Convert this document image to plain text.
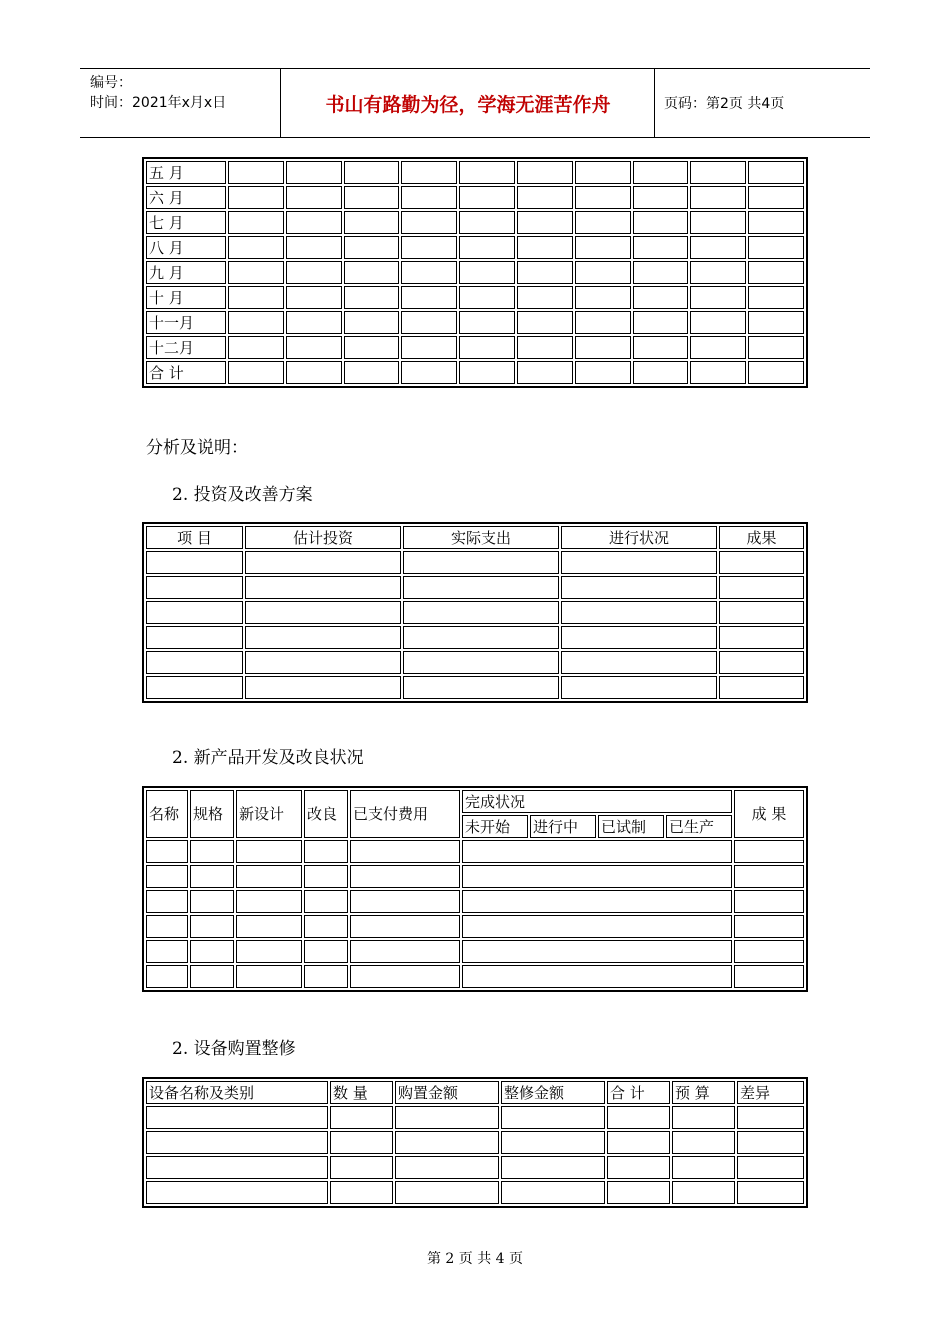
编号：
时间：2021年x月x日	书山有路勤为径，学海无涯苦作舟	页码：第2页 共4页
五 月										
六 月										
七 月										
八 月										
九 月										
十 月										
十一月										
十二月										
合 计										
分析及说明：
2. 投资及改善方案
项 目	估计投资	实际支出	进行状况	成果

2. 新产品开发及改良状况
名称	规格	新设计	改良	已支付费用	完成状况				成 果
					未开始	进行中	已试制	已生产	

2. 设备购置整修
设备名称及类别	数 量	购置金额	整修金额	合 计	预 算	差异

第 2 页 共 4 页
